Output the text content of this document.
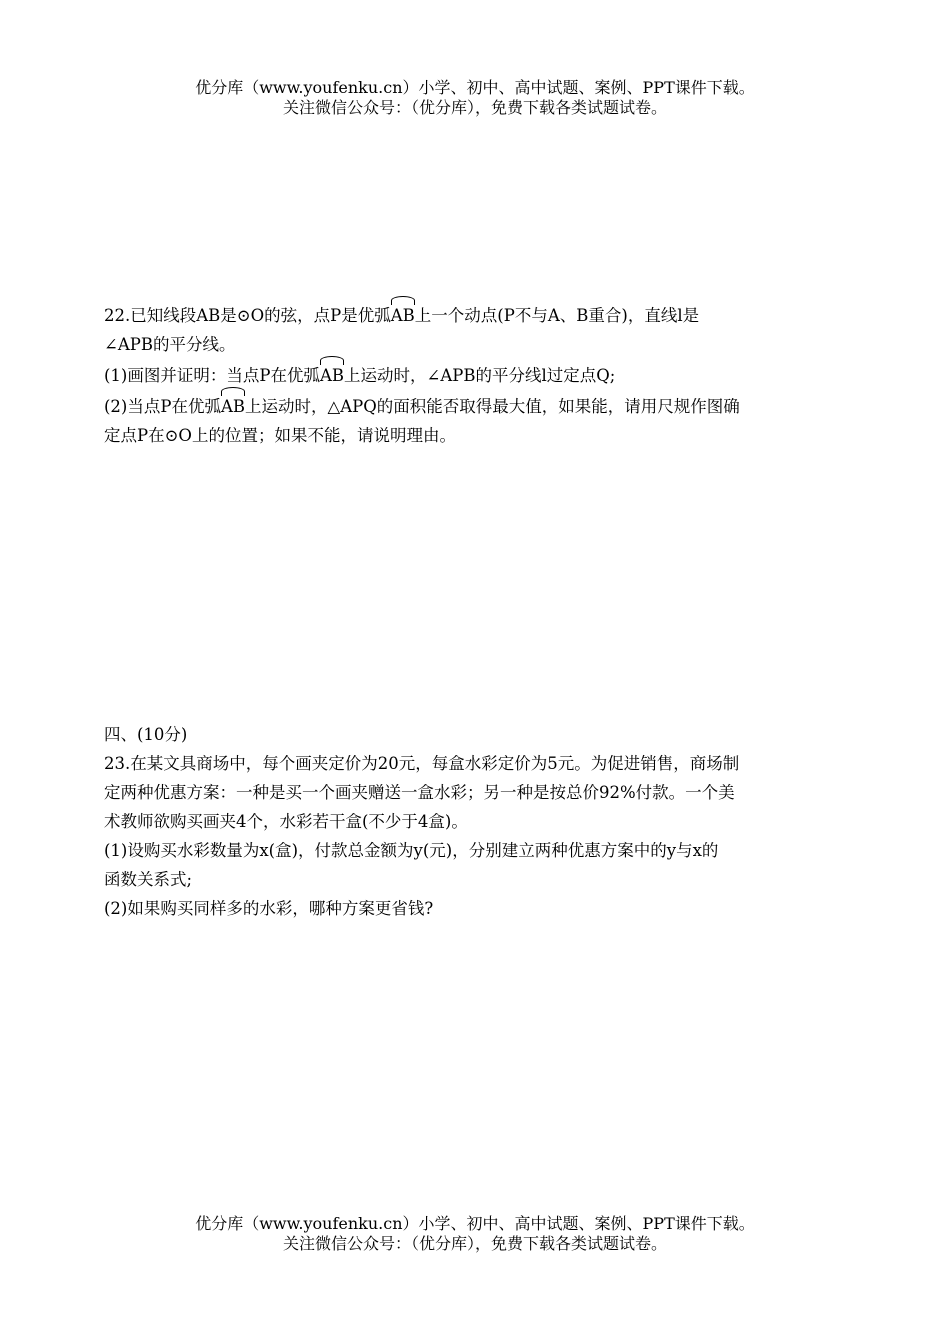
优分库（www.youfenku.cn）小学、初中、高中试题、案例、PPT课件下载。
关注微信公众号：（优分库），免费下载各类试题试卷。
22.已知线段AB是⊙O的弦，点P是优弧AB上一个动点(P不与A、B重合)，直线l是
∠APB的平分线。
(1)画图并证明：当点P在优弧AB上运动时，∠APB的平分线l过定点Q;
(2)当点P在优弧AB上运动时，△APQ的面积能否取得最大值，如果能，请用尺规作图确
定点P在⊙O上的位置；如果不能，请说明理由。
四、(10分)
23.在某文具商场中，每个画夹定价为20元，每盒水彩定价为5元。为促进销售，商场制
定两种优惠方案：一种是买一个画夹赠送一盒水彩；另一种是按总价92%付款。一个美
术教师欲购买画夹4个，水彩若干盒(不少于4盒)。
(1)设购买水彩数量为x(盒)，付款总金额为y(元)，分别建立两种优惠方案中的y与x的
函数关系式;
(2)如果购买同样多的水彩，哪种方案更省钱?
优分库（www.youfenku.cn）小学、初中、高中试题、案例、PPT课件下载。
关注微信公众号：（优分库），免费下载各类试题试卷。
